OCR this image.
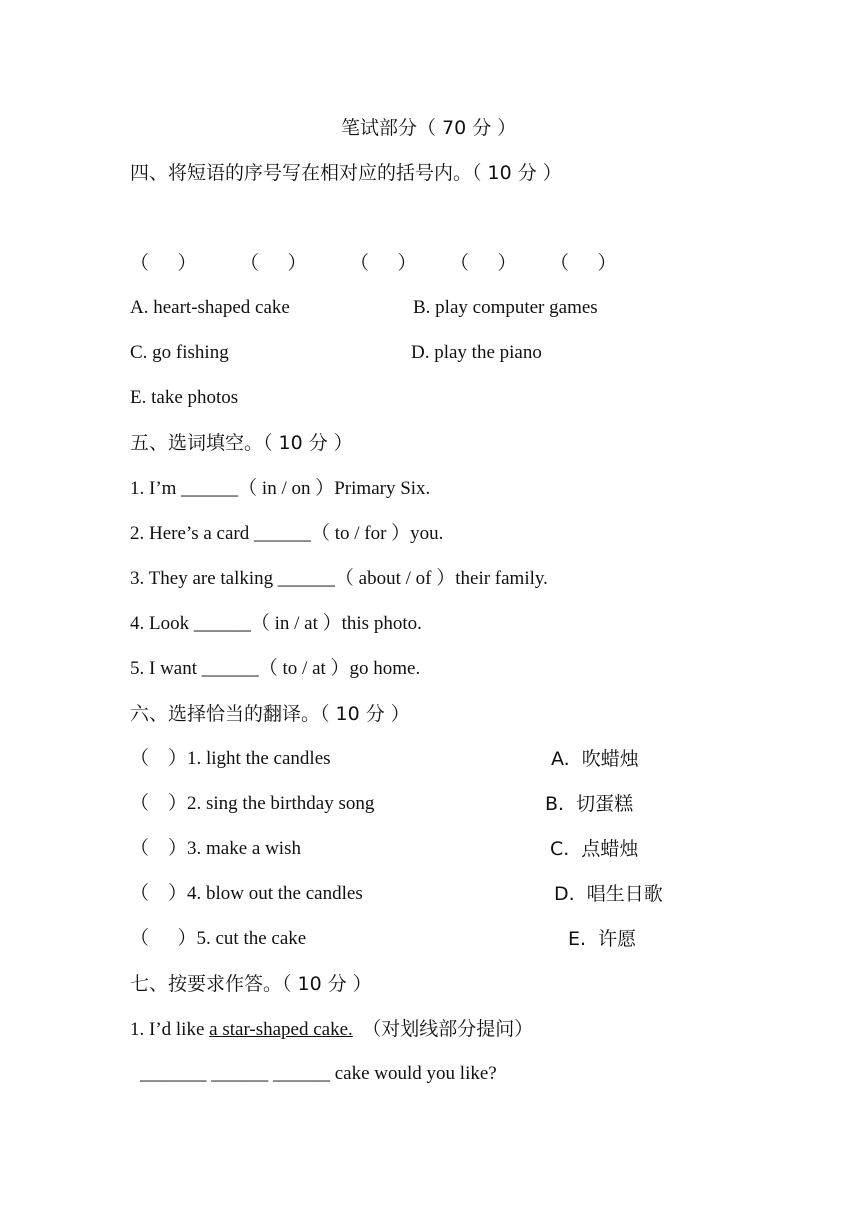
笔试部分（ 70 分 ）
四、将短语的序号写在相对应的括号内。（ 10 分 ）
（      ） （      ） （      ） （      ） （      ）
A. heart-shaped cake	B. play computer games
C. go fishing	D. play the piano
E. take photos
五、选词填空。（ 10 分 ）
1. I’m ______（ in / on ）Primary Six.
2. Here’s a card ______（ to / for ）you.
3. They are talking ______（ about / of ）their family.
4. Look ______（ in / at ）this photo.
5. I want ______（ to / at ）go home.
六、选择恰当的翻译。（ 10 分 ）
（    ）1. light the candles	A.  吹蜡烛
（    ）2. sing the birthday song	B.  切蛋糕
（    ）3. make a wish	C.  点蜡烛
（    ）4. blow out the candles	D.  唱生日歌
（      ）5. cut the cake	E.  许愿
七、按要求作答。（ 10 分 ）
1. I’d like a star-shaped cake. （对划线部分提问）
_______ ______ ______ cake would you like?
